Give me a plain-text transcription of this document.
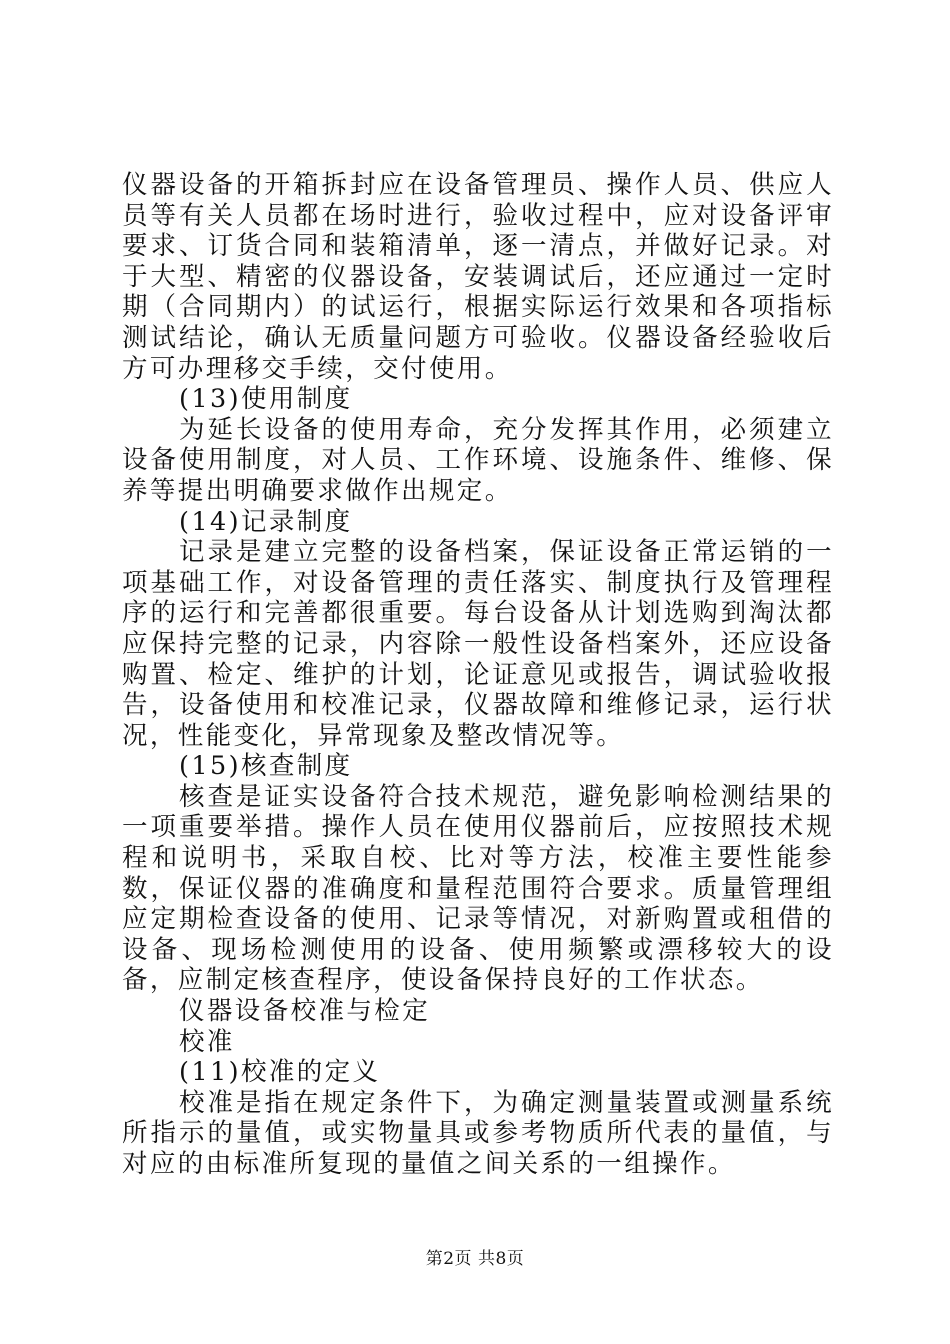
仪器设备的开箱拆封应在设备管理员、操作人员、供应人员等有关人员都在场时进行，验收过程中，应对设备评审要求、订货合同和装箱清单，逐一清点，并做好记录。对于大型、精密的仪器设备，安装调试后，还应通过一定时期（合同期内）的试运行，根据实际运行效果和各项指标测试结论，确认无质量问题方可验收。仪器设备经验收后方可办理移交手续，交付使用。

(13)使用制度

为延长设备的使用寿命，充分发挥其作用，必须建立设备使用制度，对人员、工作环境、设施条件、维修、保养等提出明确要求做作出规定。

(14)记录制度

记录是建立完整的设备档案，保证设备正常运销的一项基础工作，对设备管理的责任落实、制度执行及管理程序的运行和完善都很重要。每台设备从计划选购到淘汰都应保持完整的记录，内容除一般性设备档案外，还应设备购置、检定、维护的计划，论证意见或报告，调试验收报告，设备使用和校准记录，仪器故障和维修记录，运行状况，性能变化，异常现象及整改情况等。

(15)核查制度

核查是证实设备符合技术规范，避免影响检测结果的一项重要举措。操作人员在使用仪器前后，应按照技术规程和说明书，采取自校、比对等方法，校准主要性能参数，保证仪器的准确度和量程范围符合要求。质量管理组应定期检查设备的使用、记录等情况，对新购置或租借的设备、现场检测使用的设备、使用频繁或漂移较大的设备，应制定核查程序，使设备保持良好的工作状态。

仪器设备校准与检定

校准

(11)校准的定义

校准是指在规定条件下，为确定测量装置或测量系统所指示的量值，或实物量具或参考物质所代表的量值，与对应的由标准所复现的量值之间关系的一组操作。

第2页 共8页
